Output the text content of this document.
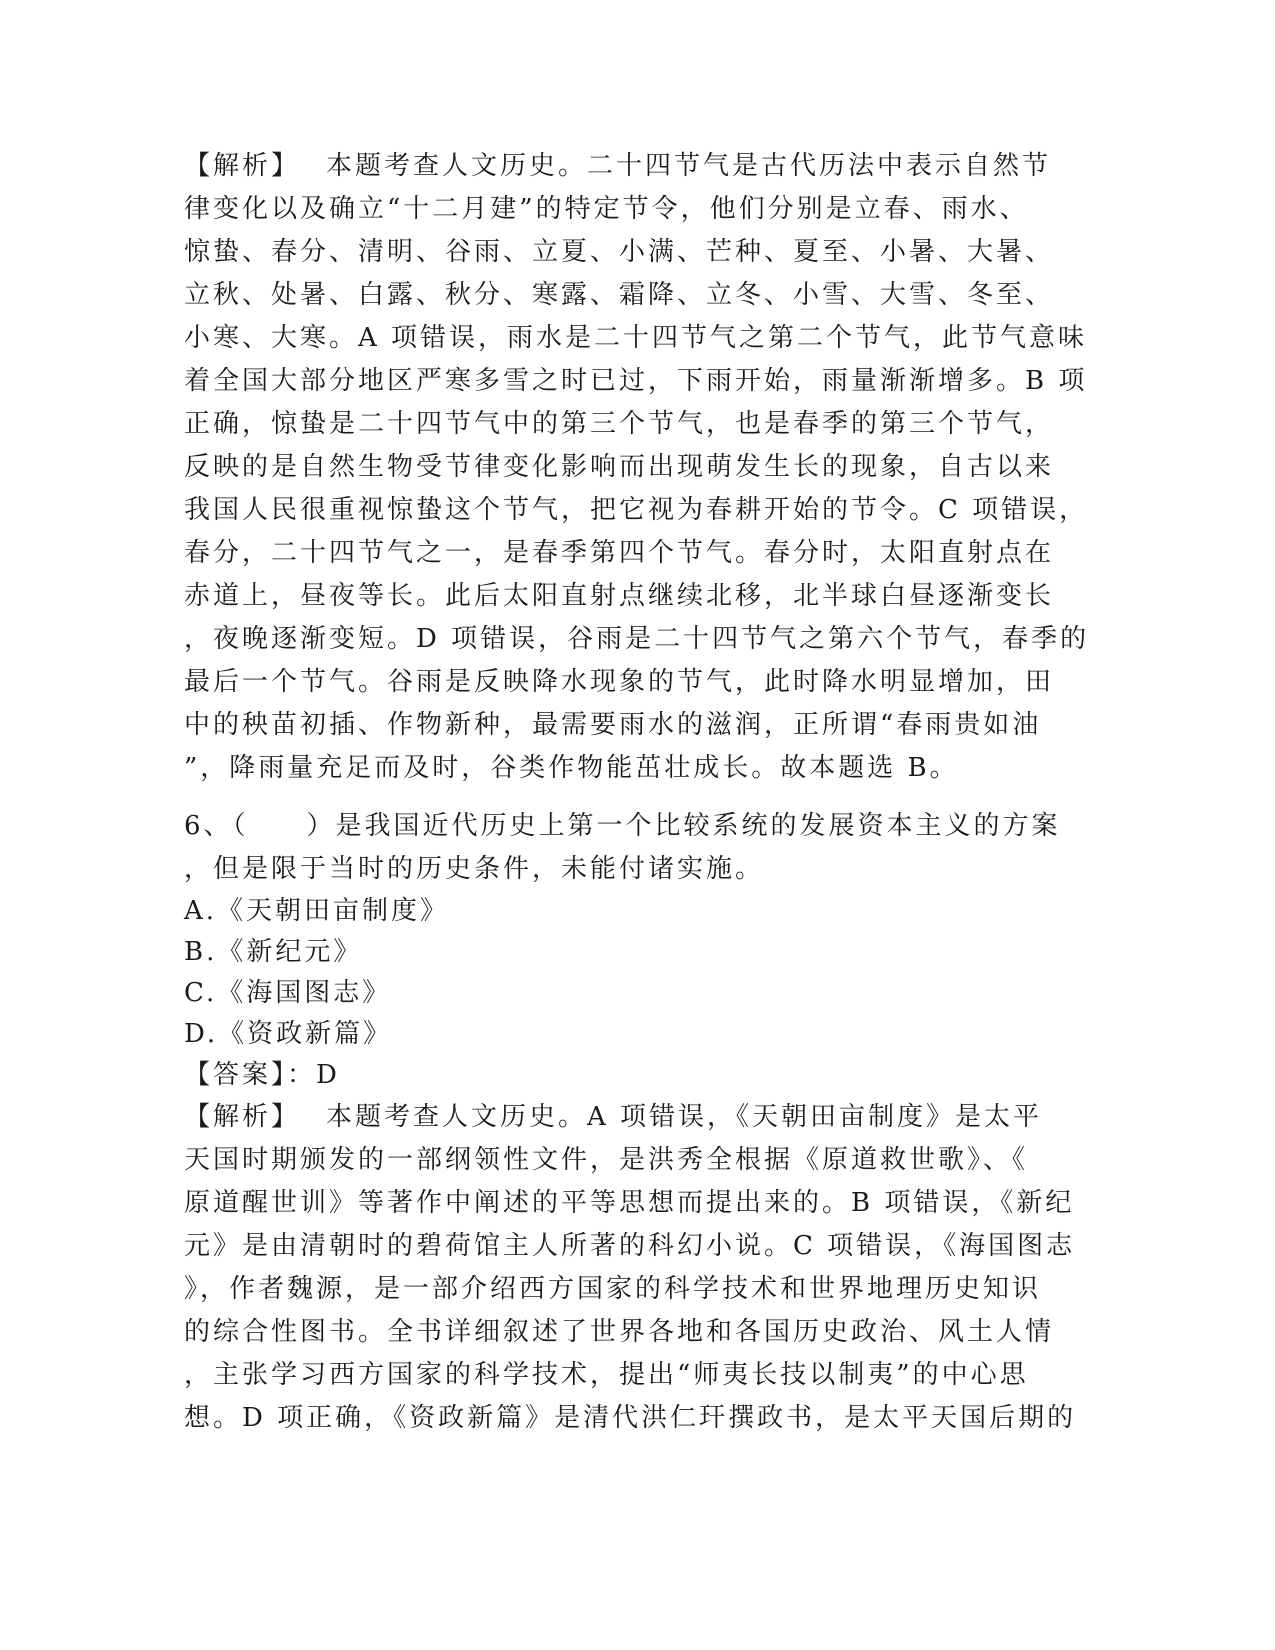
【解析】 本题考查人文历史。二十四节气是古代历法中表示自然节
律变化以及确立“十二月建”的特定节令，他们分别是立春、雨水、
惊蛰、春分、清明、谷雨、立夏、小满、芒种、夏至、小暑、大暑、
立秋、处暑、白露、秋分、寒露、霜降、立冬、小雪、大雪、冬至、
小寒、大寒。A 项错误，雨水是二十四节气之第二个节气，此节气意味
着全国大部分地区严寒多雪之时已过，下雨开始，雨量渐渐增多。B 项
正确，惊蛰是二十四节气中的第三个节气，也是春季的第三个节气，
反映的是自然生物受节律变化影响而出现萌发生长的现象，自古以来
我国人民很重视惊蛰这个节气，把它视为春耕开始的节令。C 项错误，
春分，二十四节气之一，是春季第四个节气。春分时，太阳直射点在
赤道上，昼夜等长。此后太阳直射点继续北移，北半球白昼逐渐变长
，夜晚逐渐变短。D 项错误，谷雨是二十四节气之第六个节气，春季的
最后一个节气。谷雨是反映降水现象的节气，此时降水明显增加，田
中的秧苗初插、作物新种，最需要雨水的滋润，正所谓“春雨贵如油
”，降雨量充足而及时，谷类作物能茁壮成长。故本题选 B。
6、（　　）是我国近代历史上第一个比较系统的发展资本主义的方案
，但是限于当时的历史条件，未能付诸实施。
A.《天朝田亩制度》
B.《新纪元》
C.《海国图志》
D.《资政新篇》
【答案】：D
【解析】 本题考查人文历史。A 项错误，《天朝田亩制度》是太平
天国时期颁发的一部纲领性文件，是洪秀全根据《原道救世歌》、《
原道醒世训》等著作中阐述的平等思想而提出来的。B 项错误，《新纪
元》是由清朝时的碧荷馆主人所著的科幻小说。C 项错误，《海国图志
》，作者魏源，是一部介绍西方国家的科学技术和世界地理历史知识
的综合性图书。全书详细叙述了世界各地和各国历史政治、风土人情
，主张学习西方国家的科学技术，提出“师夷长技以制夷”的中心思
想。D 项正确，《资政新篇》是清代洪仁玕撰政书，是太平天国后期的
